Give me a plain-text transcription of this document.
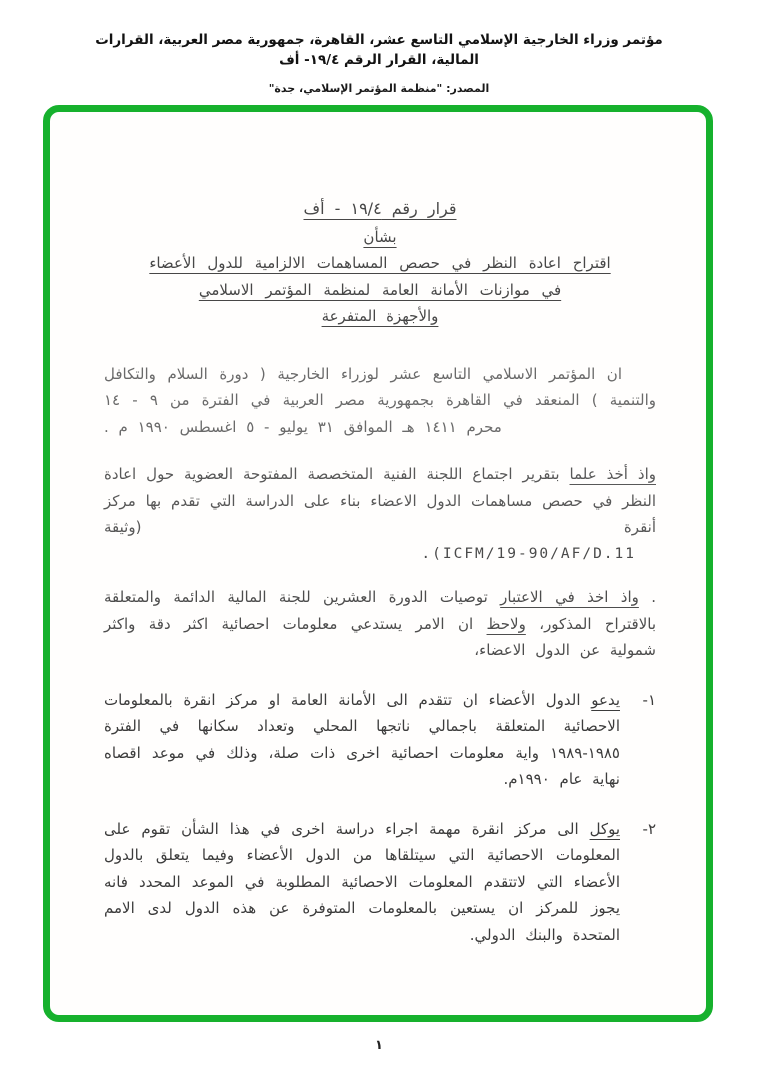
مؤتمر وزراء الخارجية الإسلامي التاسع عشر، القاهرة، جمهورية مصر العربية، القرارات المالية، القرار الرقم ١٩/٤- أف
المصدر: "منظمة المؤتمر الإسلامي، جدة"
قرار رقم ١٩/٤ - أف
بشأن
اقتراح اعادة النظر في حصص المساهمات الالزامية للدول الأعضاء
في موازنات الأمانة العامة لمنظمة المؤتمر الاسلامي
والأجهزة المتفرعة

ان المؤتمر الاسلامي التاسع عشر لوزراء الخارجية ( دورة السلام والتكافل والتنمية ) المنعقد في القاهرة بجمهورية مصر العربية في الفترة من ٩ - ١٤ محرم ١٤١١ هـ الموافق ٣١ يوليو - ٥ اغسطس ١٩٩٠ م .

واذ أخذ علما بتقرير اجتماع اللجنة الفنية المتخصصة المفتوحة العضوية حول اعادة النظر في حصص مساهمات الدول الاعضاء بناء على الدراسة التي تقدم بها مركز أنقرة (وثيقة

ICFM/19-90/AF/D.11).

. واذ اخذ في الاعتبار توصيات الدورة العشرين للجنة المالية الدائمة والمتعلقة بالاقتراح المذكور، ولاحظ ان الامر يستدعي معلومات احصائية اكثر دقة واكثر شمولية عن الدول الاعضاء،

١-

يدعو الدول الأعضاء ان تتقدم الى الأمانة العامة او مركز انقرة بالمعلومات الاحصائية المتعلقة باجمالي ناتجها المحلي وتعداد سكانها في الفترة ١٩٨٥-١٩٨٩ واية معلومات احصائية اخرى ذات صلة، وذلك في موعد اقصاه نهاية عام ١٩٩٠م.

٢-

يوكل الى مركز انقرة مهمة اجراء دراسة اخرى في هذا الشأن تقوم على المعلومات الاحصائية التي سيتلقاها من الدول الأعضاء وفيما يتعلق بالدول الأعضاء التي لاتتقدم المعلومات الاحصائية المطلوبة في الموعد المحدد فانه يجوز للمركز ان يستعين بالمعلومات المتوفرة عن هذه الدول لدى الامم المتحدة والبنك الدولي.

١
